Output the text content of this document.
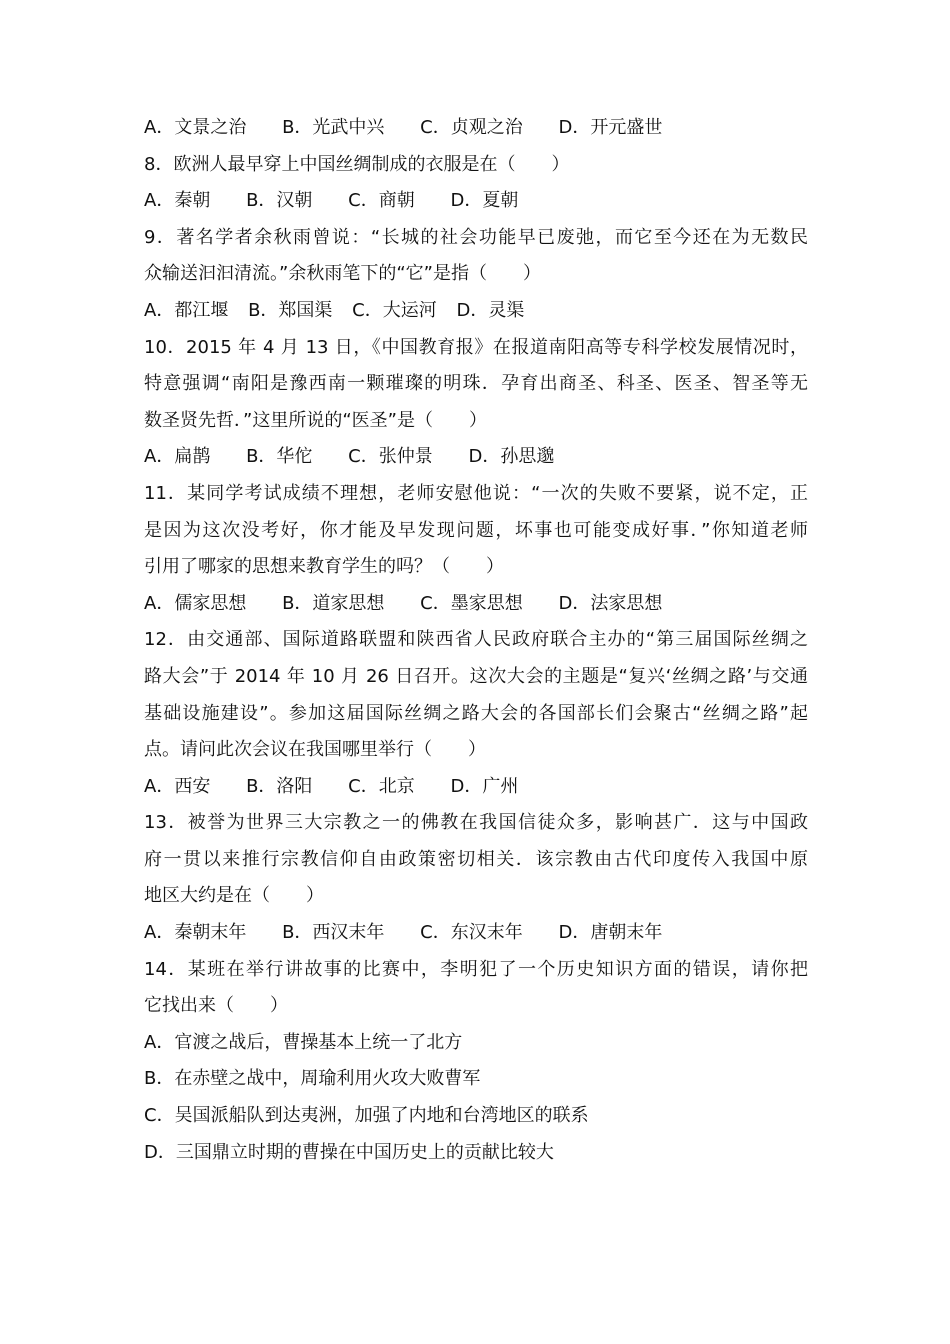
A．文景之治 B．光武中兴 C．贞观之治 D．开元盛世
8．欧洲人最早穿上中国丝绸制成的衣服是在（　　）
A．秦朝 B．汉朝 C．商朝 D．夏朝
9．著名学者余秋雨曾说：“长城的社会功能早已废弛，而它至今还在为无数民
众输送汩汩清流。”余秋雨笔下的“它”是指（　　）
A．都江堰 B．郑国渠 C．大运河 D．灵渠
10．2015 年 4 月 13 日，《中国教育报》在报道南阳高等专科学校发展情况时，
特意强调“南阳是豫西南一颗璀璨的明珠．孕育出商圣、科圣、医圣、智圣等无
数圣贤先哲．”这里所说的“医圣”是（　　）
A．扁鹊 B．华佗 C．张仲景 D．孙思邈
11．某同学考试成绩不理想，老师安慰他说：“一次的失败不要紧，说不定，正
是因为这次没考好，你才能及早发现问题，坏事也可能变成好事．”你知道老师
引用了哪家的思想来教育学生的吗？（　　）
A．儒家思想 B．道家思想 C．墨家思想 D．法家思想
12．由交通部、国际道路联盟和陕西省人民政府联合主办的“第三届国际丝绸之
路大会”于 2014 年 10 月 26 日召开。这次大会的主题是“复兴‘丝绸之路’与交通
基础设施建设”。参加这届国际丝绸之路大会的各国部长们会聚古“丝绸之路”起
点。请问此次会议在我国哪里举行（　　）
A．西安 B．洛阳 C．北京 D．广州
13．被誉为世界三大宗教之一的佛教在我国信徒众多，影响甚广．这与中国政
府一贯以来推行宗教信仰自由政策密切相关．该宗教由古代印度传入我国中原
地区大约是在（　　）
A．秦朝末年 B．西汉末年 C．东汉末年 D．唐朝末年
14．某班在举行讲故事的比赛中，李明犯了一个历史知识方面的错误，请你把
它找出来（　　）
A．官渡之战后，曹操基本上统一了北方
B．在赤壁之战中，周瑜利用火攻大败曹军
C．吴国派船队到达夷洲，加强了内地和台湾地区的联系
D．三国鼎立时期的曹操在中国历史上的贡献比较大
